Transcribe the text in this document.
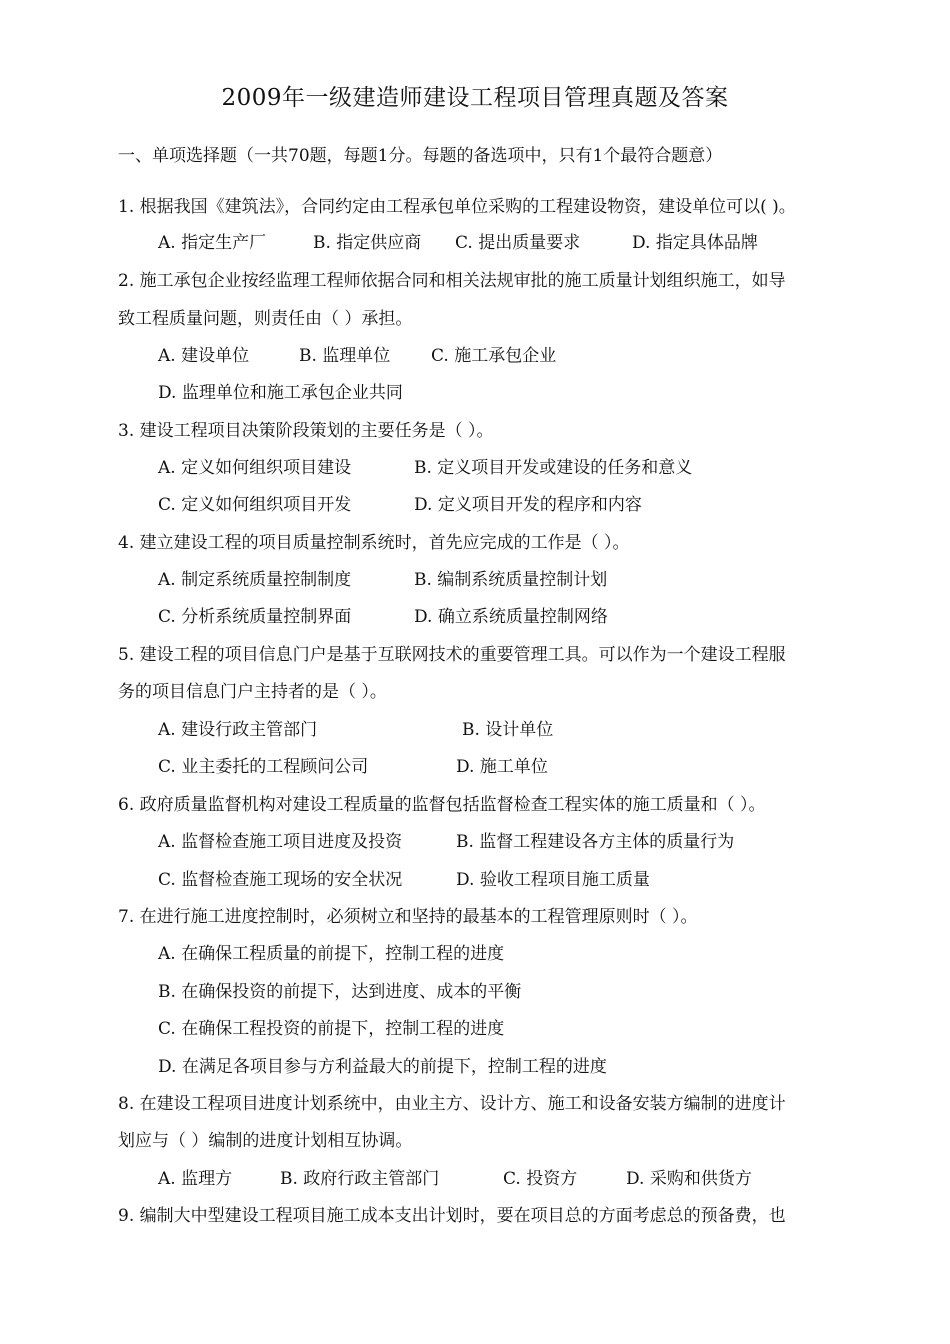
2009年一级建造师建设工程项目管理真题及答案
一、单项选择题（一共70题，每题1分。每题的备选项中，只有1个最符合题意）
1. 根据我国《建筑法》，合同约定由工程承包单位采购的工程建设物资，建设单位可以( )。
A. 指定生产厂	B. 指定供应商 C. 提出质量要求	D. 指定具体品牌
2. 施工承包企业按经监理工程师依据合同和相关法规审批的施工质量计划组织施工，如导
致工程质量问题，则责任由（ ）承担。
A. 建设单位	B. 监理单位 C. 施工承包企业
D. 监理单位和施工承包企业共同
3. 建设工程项目决策阶段策划的主要任务是（ ）。
A. 定义如何组织项目建设	B. 定义项目开发或建设的任务和意义
C. 定义如何组织项目开发	D. 定义项目开发的程序和内容
4. 建立建设工程的项目质量控制系统时，首先应完成的工作是（ ）。
A. 制定系统质量控制制度	B. 编制系统质量控制计划
C. 分析系统质量控制界面	D. 确立系统质量控制网络
5. 建设工程的项目信息门户是基于互联网技术的重要管理工具。可以作为一个建设工程服
务的项目信息门户主持者的是（ ）。
A. 建设行政主管部门	B. 设计单位
C. 业主委托的工程顾问公司	D. 施工单位
6. 政府质量监督机构对建设工程质量的监督包括监督检查工程实体的施工质量和（ ）。
A. 监督检查施工项目进度及投资	B. 监督工程建设各方主体的质量行为
C. 监督检查施工现场的安全状况	D. 验收工程项目施工质量
7. 在进行施工进度控制时，必须树立和坚持的最基本的工程管理原则时（ ）。
A. 在确保工程质量的前提下，控制工程的进度
B. 在确保投资的前提下，达到进度、成本的平衡
C. 在确保工程投资的前提下，控制工程的进度
D. 在满足各项目参与方利益最大的前提下，控制工程的进度
8. 在建设工程项目进度计划系统中，由业主方、设计方、施工和设备安装方编制的进度计
划应与（ ）编制的进度计划相互协调。
A. 监理方	B. 政府行政主管部门	C. 投资方	D. 采购和供货方
9. 编制大中型建设工程项目施工成本支出计划时，要在项目总的方面考虑总的预备费，也
